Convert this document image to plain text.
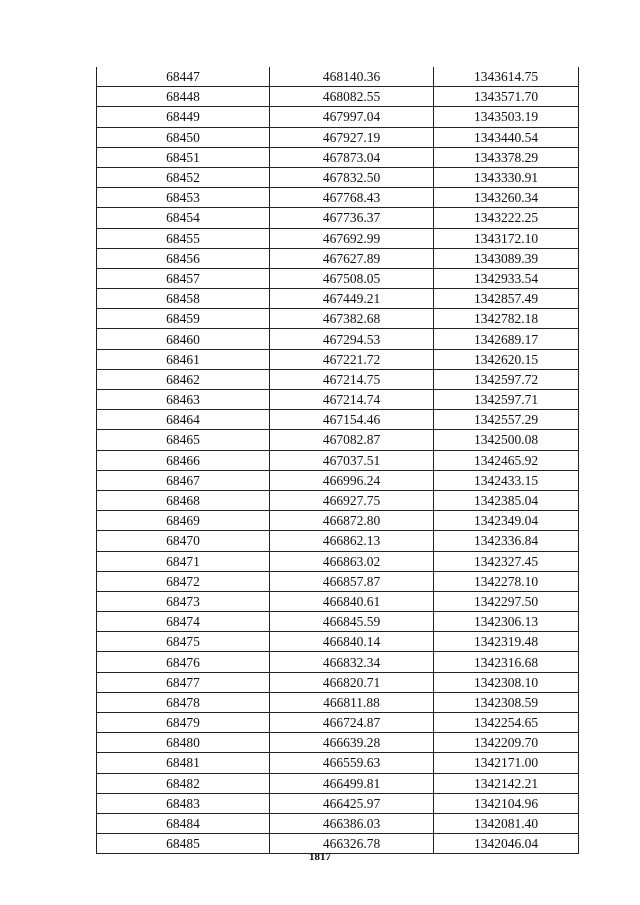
68447	468140.36	1343614.75
68448	468082.55	1343571.70
68449	467997.04	1343503.19
68450	467927.19	1343440.54
68451	467873.04	1343378.29
68452	467832.50	1343330.91
68453	467768.43	1343260.34
68454	467736.37	1343222.25
68455	467692.99	1343172.10
68456	467627.89	1343089.39
68457	467508.05	1342933.54
68458	467449.21	1342857.49
68459	467382.68	1342782.18
68460	467294.53	1342689.17
68461	467221.72	1342620.15
68462	467214.75	1342597.72
68463	467214.74	1342597.71
68464	467154.46	1342557.29
68465	467082.87	1342500.08
68466	467037.51	1342465.92
68467	466996.24	1342433.15
68468	466927.75	1342385.04
68469	466872.80	1342349.04
68470	466862.13	1342336.84
68471	466863.02	1342327.45
68472	466857.87	1342278.10
68473	466840.61	1342297.50
68474	466845.59	1342306.13
68475	466840.14	1342319.48
68476	466832.34	1342316.68
68477	466820.71	1342308.10
68478	466811.88	1342308.59
68479	466724.87	1342254.65
68480	466639.28	1342209.70
68481	466559.63	1342171.00
68482	466499.81	1342142.21
68483	466425.97	1342104.96
68484	466386.03	1342081.40
68485	466326.78	1342046.04
1817
